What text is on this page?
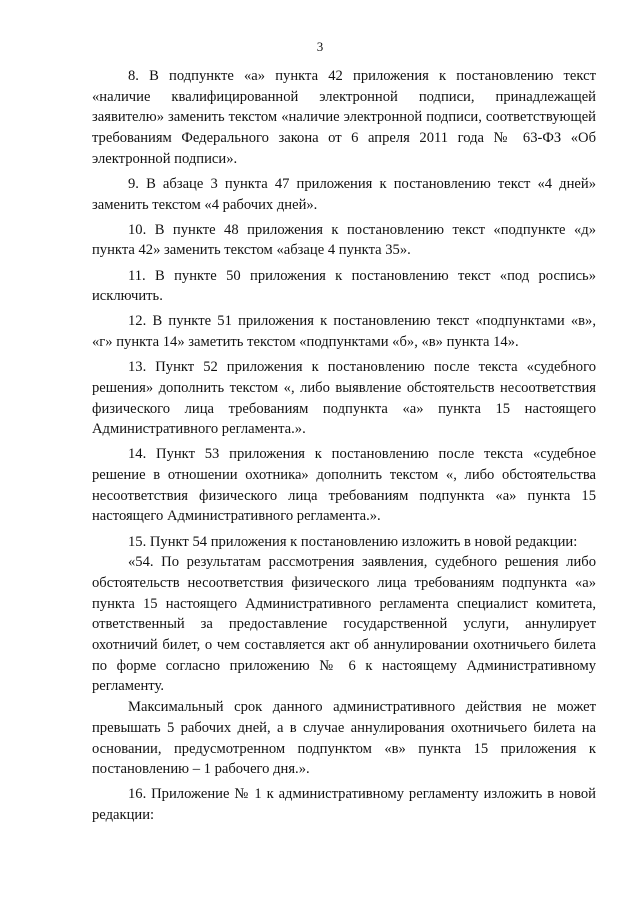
3

8. В подпункте «а» пункта 42 приложения к постановлению текст «наличие квалифицированной электронной подписи, принадлежащей заявителю» заменить текстом «наличие электронной подписи, соответствующей требованиям Федерального закона от 6 апреля 2011 года № 63-ФЗ «Об электронной подписи».

9. В абзаце 3 пункта 47 приложения к постановлению текст «4 дней» заменить текстом «4 рабочих дней».

10. В пункте 48 приложения к постановлению текст «подпункте «д» пункта 42» заменить текстом «абзаце 4 пункта 35».

11. В пункте 50 приложения к постановлению текст «под роспись» исключить.

12. В пункте 51 приложения к постановлению текст «подпунктами «в», «г» пункта 14» заметить текстом «подпунктами «б», «в» пункта 14».

13. Пункт 52 приложения к постановлению после текста «судебного решения» дополнить текстом «, либо выявление обстоятельств несоответствия физического лица требованиям подпункта «а» пункта 15 настоящего Административного регламента.».

14. Пункт 53 приложения к постановлению после текста «судебное решение в отношении охотника» дополнить текстом «, либо обстоятельства несоответствия физического лица требованиям подпункта «а» пункта 15 настоящего Административного регламента.».

15. Пункт 54 приложения к постановлению изложить в новой редакции:

«54. По результатам рассмотрения заявления, судебного решения либо обстоятельств несоответствия физического лица требованиям подпункта «а» пункта 15 настоящего Административного регламента специалист комитета, ответственный за предоставление государственной услуги, аннулирует охотничий билет, о чем составляется акт об аннулировании охотничьего билета по форме согласно приложению № 6 к настоящему Административному регламенту.

Максимальный срок данного административного действия не может превышать 5 рабочих дней, а в случае аннулирования охотничьего билета на основании, предусмотренном подпунктом «в» пункта 15 приложения к постановлению – 1 рабочего дня.».

16. Приложение № 1 к административному регламенту изложить в новой редакции:
